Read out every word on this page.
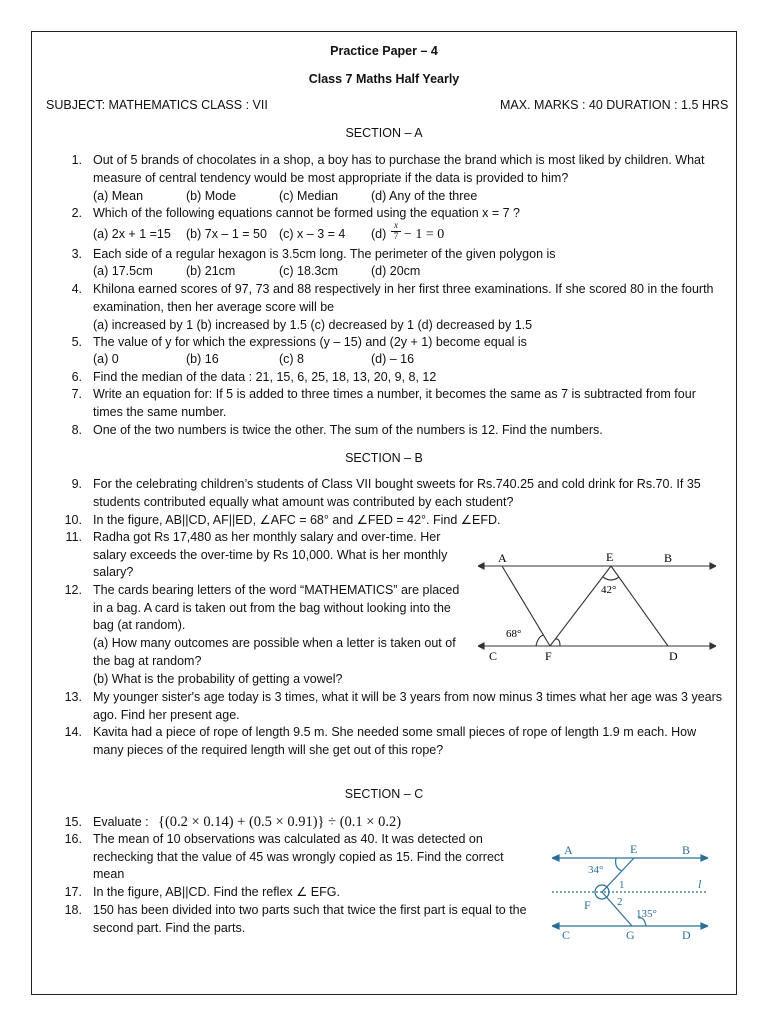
Practice Paper – 4
Class 7 Maths Half Yearly
SUBJECT: MATHEMATICS CLASS : VII	MAX. MARKS : 40 DURATION : 1.5 HRS
SECTION – A
1. Out of 5 brands of chocolates in a shop, a boy has to purchase the brand which is most liked by children. What measure of central tendency would be most appropriate if the data is provided to him?
(a) Mean	(b) Mode	(c) Median	(d) Any of the three
2. Which of the following equations cannot be formed using the equation x = 7 ?
(a) 2x + 1 =15 (b) 7x – 1 = 50 (c) x – 3 = 4 (d)
x
7 − 1 = 0
3. Each side of a regular hexagon is 3.5cm long. The perimeter of the given polygon is
(a) 17.5cm	(b) 21cm	(c) 18.3cm	(d) 20cm
4. Khilona earned scores of 97, 73 and 88 respectively in her first three examinations. If she scored 80 in the fourth examination, then her average score will be
(a) increased by 1 (b) increased by 1.5 (c) decreased by 1 (d) decreased by 1.5
5. The value of y for which the expressions (y – 15) and (2y + 1) become equal is
(a) 0	(b) 16	(c) 8	(d) – 16
6. Find the median of the data : 21, 15, 6, 25, 18, 13, 20, 9, 8, 12
7. Write an equation for: If 5 is added to three times a number, it becomes the same as 7 is subtracted from four times the same number.
8. One of the two numbers is twice the other. The sum of the numbers is 12. Find the numbers.
SECTION – B
9. For the celebrating children’s students of Class VII bought sweets for Rs.740.25 and cold drink for Rs.70. If 35 students contributed equally what amount was contributed by each student?
10. In the figure, AB||CD, AF||ED, ∠AFC = 68° and ∠FED = 42°. Find ∠EFD.
11. Radha got Rs 17,480 as her monthly salary and over-time. Her salary exceeds the over-time by Rs 10,000. What is her monthly salary?
12. The cards bearing letters of the word “MATHEMATICS” are placed in a bag. A card is taken out from the bag without looking into the bag (at random).
(a) How many outcomes are possible when a letter is taken out of the bag at random?
(b) What is the probability of getting a vowel?
A	E	B
C	F	D
42°
68°
13. My younger sister's age today is 3 times, what it will be 3 years from now minus 3 times what her age was 3 years ago. Find her present age.
14. Kavita had a piece of rope of length 9.5 m. She needed some small pieces of rope of length 1.9 m each. How many pieces of the required length will she get out of this rope?
SECTION – C
15. Evaluate : {(0.2 × 0.14) + (0.5 × 0.91)} ÷ (0.1 × 0.2)
16. The mean of 10 observations was calculated as 40. It was detected on rechecking that the value of 45 was wrongly copied as 15. Find the correct mean
17. In the figure, AB||CD. Find the reflex ∠ EFG.
18. 150 has been divided into two parts such that twice the first part is equal to the second part. Find the parts.
A	E	B
C	G	D
F
l
1
2
34°
135°
